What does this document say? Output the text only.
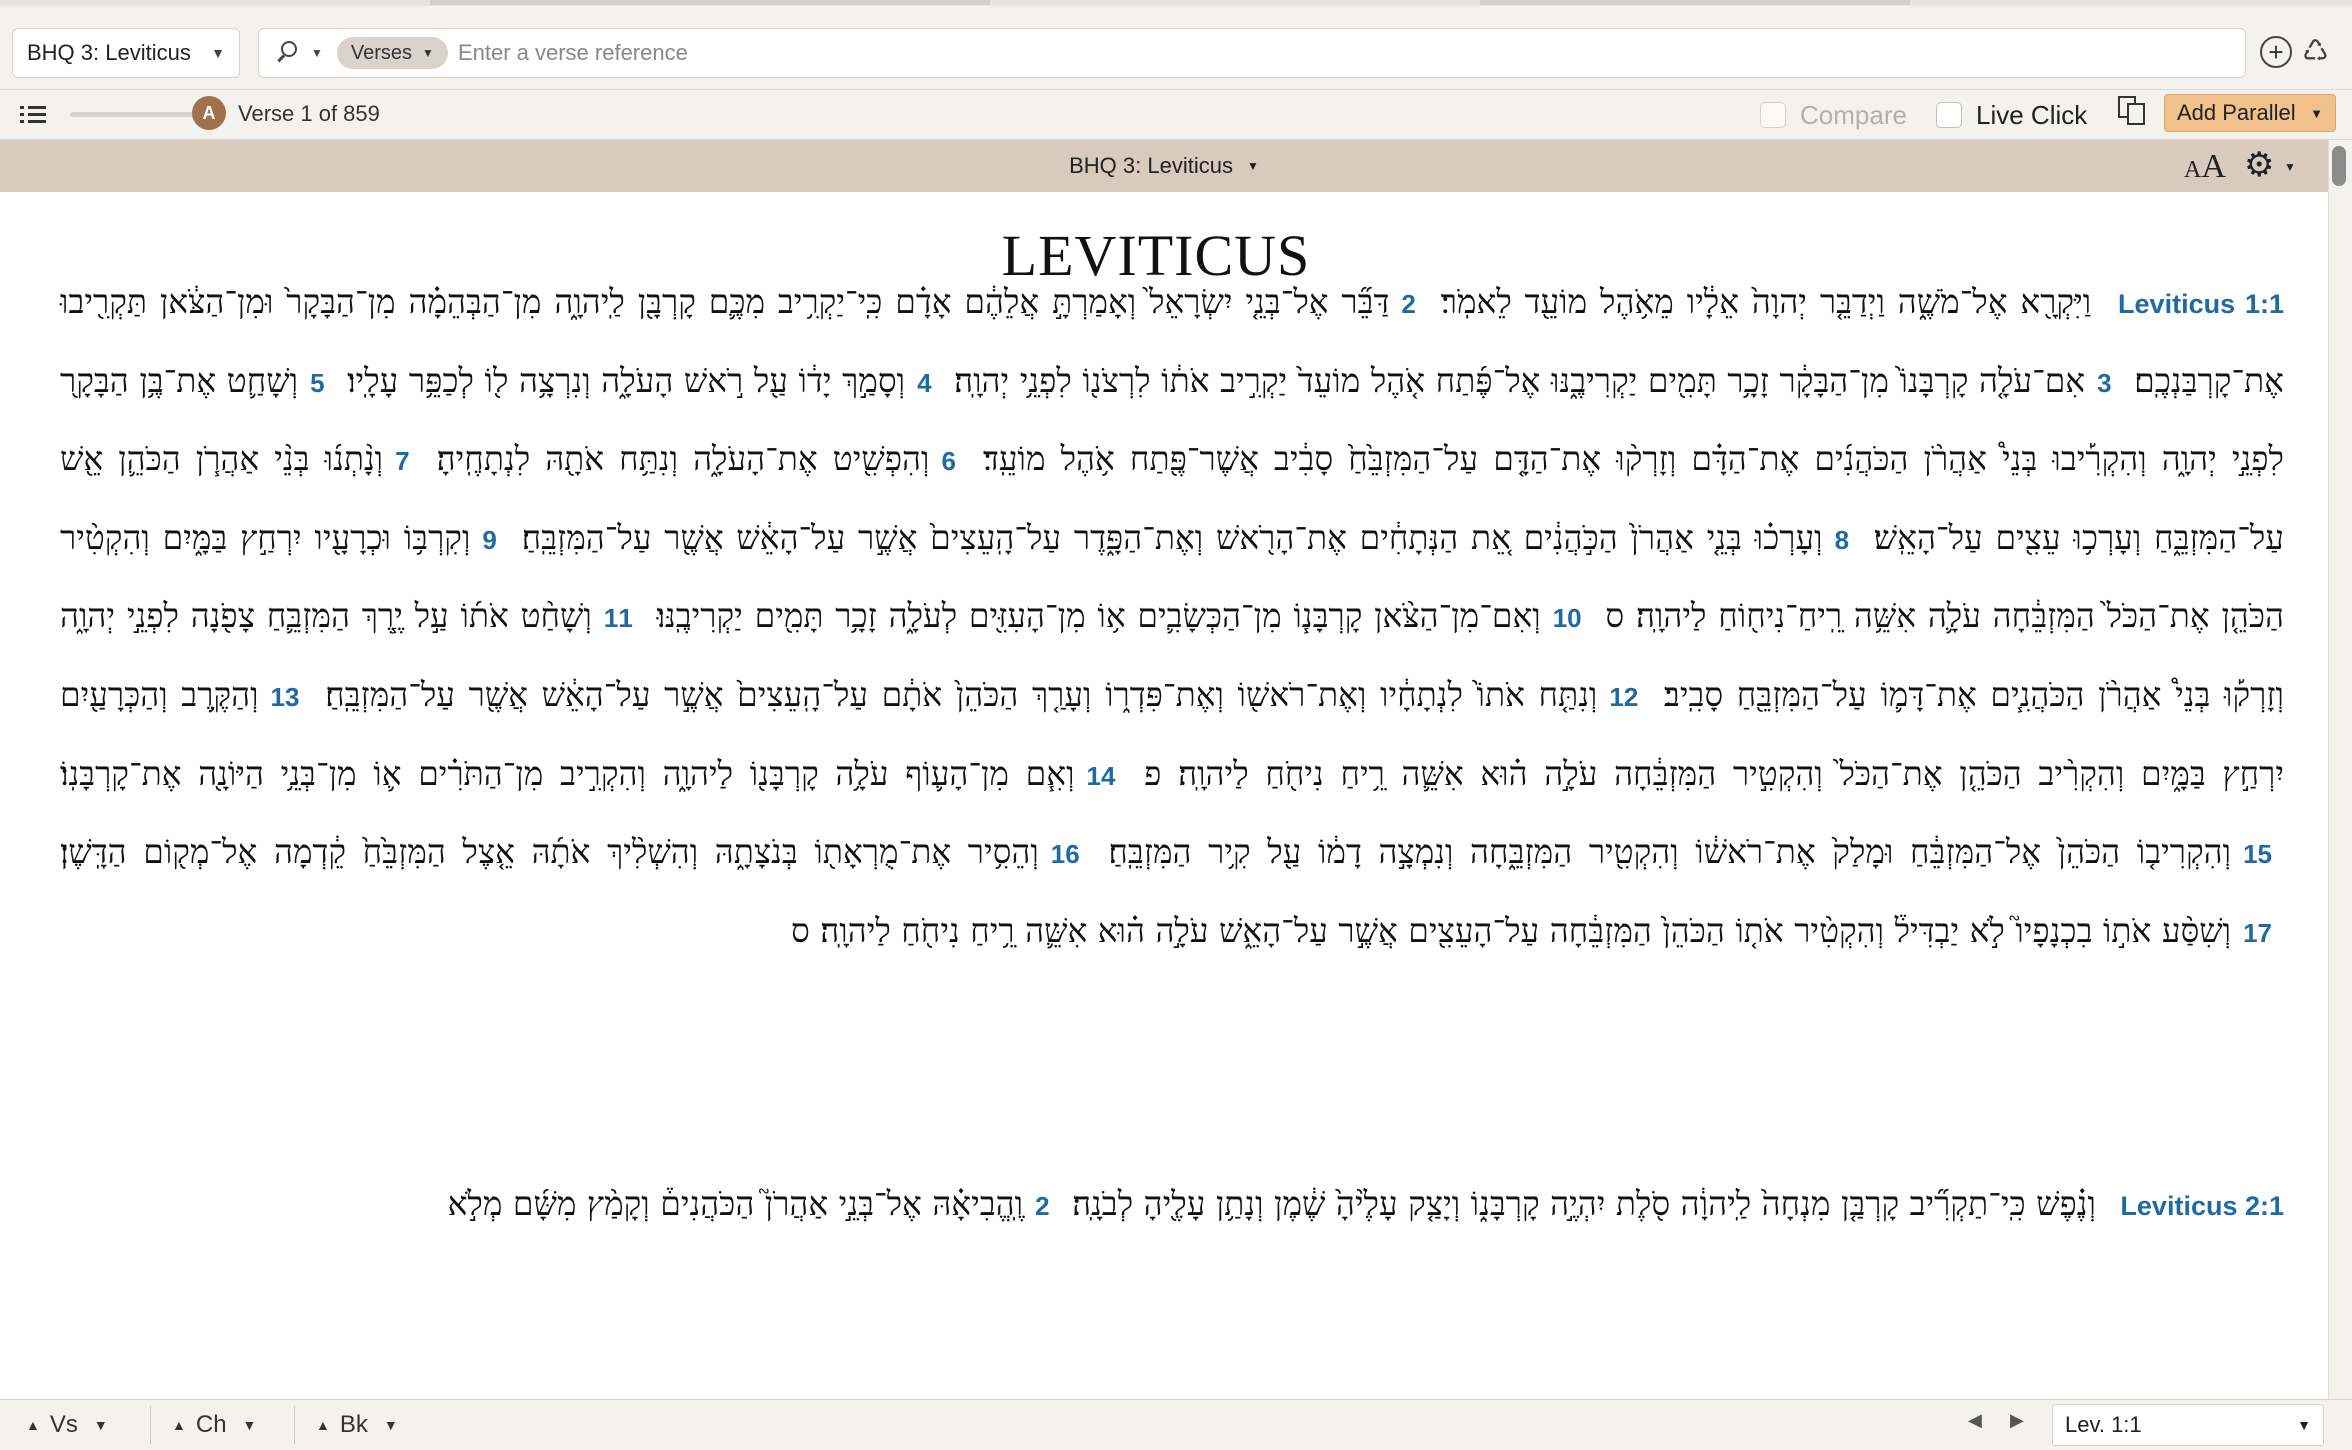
BHQ 3: Leviticus ▼	▼ Verses ▼
Enter a verse reference	+ ♺
A	Verse 1 of 859	Compare	Live Click	Add Parallel ▼
BHQ 3: Leviticus ▼	AA ⚙ ▼
LEVITICUS
Leviticus 1:1 וַיִּקְרָ֖א אֶל־מֹשֶׁ֑ה וַיְדַבֵּ֤ר יְהוָה֙ אֵלָ֔יו מֵאֹ֥הֶל מוֹעֵ֖ד לֵאמֹֽר׃ 2דַּבֵּ֞ר אֶל־בְּנֵ֤י יִשְׂרָאֵל֙ וְאָמַרְתָּ֣ אֲלֵהֶ֔ם אָדָ֗ם כִּֽי־יַקְרִ֥יב מִכֶּ֛ם קָרְבָּ֖ן לַֽיהוָ֑ה מִן־הַבְּהֵמָ֗ה מִן־הַבָּקָר֙ וּמִן־הַצֹּ֔אן תַּקְרִ֖יבוּ אֶת־קָרְבַּנְכֶֽם׃ 3אִם־עֹלָ֤ה קָרְבָּנוֹ֙ מִן־הַבָּקָ֔ר זָכָ֥ר תָּמִ֖ים יַקְרִיבֶ֑נּוּ אֶל־פֶּ֜תַח אֹ֤הֶל מוֹעֵד֙ יַקְרִ֣יב אֹת֔וֹ לִרְצֹנ֖וֹ לִפְנֵ֥י יְהוָֽה׃ 4וְסָמַ֣ךְ יָד֔וֹ עַ֖ל רֹ֣אשׁ הָעֹלָ֑ה וְנִרְצָ֥ה ל֖וֹ לְכַפֵּ֥ר עָלָֽיו׃ 5וְשָׁחַ֛ט אֶת־בֶּ֥ן הַבָּקָ֖ר לִפְנֵ֣י יְהוָ֑ה וְהִקְרִ֡יבוּ בְּנֵי֩ אַהֲרֹ֨ן הַכֹּהֲנִ֜ים אֶת־הַדָּ֗ם וְזָרְק֨וּ אֶת־הַדָּ֤ם עַל־הַמִּזְבֵּ֙חַ֙ סָבִ֔יב אֲשֶׁר־פֶּ֖תַח אֹ֥הֶל מוֹעֵֽד׃ 6וְהִפְשִׁ֖יט אֶת־הָעֹלָ֑ה וְנִתַּ֥ח אֹתָ֖הּ לִנְתָחֶֽיהָ׃ 7וְנָ֨תְנ֜וּ בְּנֵ֨י אַהֲרֹ֧ן הַכֹּהֵ֛ן אֵ֖שׁ עַל־הַמִּזְבֵּ֑חַ וְעָרְכ֥וּ עֵצִ֖ים עַל־הָאֵֽשׁ׃ 8וְעָרְכ֗וּ בְּנֵ֤י אַהֲרֹן֙ הַכֹּ֣הֲנִ֔ים אֵ֚ת הַנְּתָחִ֔ים אֶת־הָרֹ֖אשׁ וְאֶת־הַפָּ֑דֶר עַל־הָֽעֵצִים֙ אֲשֶׁ֣ר עַל־הָאֵ֔שׁ אֲשֶׁ֖ר עַל־הַמִּזְבֵּֽחַ׃ 9וְקִרְבּ֥וֹ וּכְרָעָ֖יו יִרְחַ֣ץ בַּמָּ֑יִם וְהִקְטִ֨יר הַכֹּהֵ֤ן אֶת־הַכֹּל֙ הַמִּזְבֵּ֔חָה עֹלָ֛ה אִשֵּׁ֥ה רֵֽיחַ־נִיח֖וֹחַ לַיהוָֽה׃ ס 10וְאִם־מִן־הַצֹּ֨אן קָרְבָּנ֧וֹ מִן־הַכְּשָׂבִ֛ים א֥וֹ מִן־הָעִזִּ֖ים לְעֹלָ֑ה זָכָ֥ר תָּמִ֖ים יַקְרִיבֶֽנּוּ׃ 11וְשָׁחַ֨ט אֹת֜וֹ עַ֣ל יֶ֧רֶךְ הַמִּזְבֵּ֛חַ צָפֹ֖נָה לִפְנֵ֣י יְהוָ֑ה וְזָרְק֡וּ בְּנֵי֩ אַהֲרֹ֨ן הַכֹּהֲנִ֧ים אֶת־דָּמ֛וֹ עַל־הַמִּזְבֵּ֖חַ סָבִֽיב׃ 12וְנִתַּ֤ח אֹתוֹ֙ לִנְתָחָ֔יו וְאֶת־רֹאשׁ֖וֹ וְאֶת־פִּדְר֑וֹ וְעָרַ֤ךְ הַכֹּהֵן֙ אֹתָ֔ם עַל־הָֽעֵצִים֙ אֲשֶׁ֣ר עַל־הָאֵ֔שׁ אֲשֶׁ֖ר עַל־הַמִּזְבֵּֽחַ׃ 13וְהַקֶּ֥רֶב וְהַכְּרָעַ֖יִם יִרְחַ֣ץ בַּמָּ֑יִם וְהִקְרִ֨יב הַכֹּהֵ֤ן אֶת־הַכֹּל֙ וְהִקְטִ֣יר הַמִּזְבֵּ֔חָה עֹלָ֣ה ה֗וּא אִשֵּׁ֛ה רֵ֥יחַ נִיחֹ֖חַ לַיהוָֽה׃ פ 14וְאִ֧ם מִן־הָע֛וֹף עֹלָ֥ה קָרְבָּנ֖וֹ לַיהוָ֑ה וְהִקְרִ֣יב מִן־הַתֹּרִ֗ים א֛וֹ מִן־בְּנֵ֥י הַיּוֹנָ֖ה אֶת־קָרְבָּנֽוֹ׃ 15וְהִקְרִיב֤וֹ הַכֹּהֵן֙ אֶל־הַמִּזְבֵּ֔חַ וּמָלַק֙ אֶת־רֹאשׁ֔וֹ וְהִקְטִ֖יר הַמִּזְבֵּ֑חָה וְנִמְצָ֣ה דָמ֔וֹ עַ֖ל קִ֥יר הַמִּזְבֵּֽחַ׃ 16וְהֵסִ֥יר אֶת־מֻרְאָת֖וֹ בְּנֹצָתָ֑הּ וְהִשְׁלִ֨יךְ אֹתָ֜הּ אֵ֤צֶל הַמִּזְבֵּ֙חַ֙ קֵ֔דְמָה אֶל־מְק֖וֹם הַדָּֽשֶׁן׃ 17וְשִׁסַּ֨ע אֹת֣וֹ בִכְנָפָיו֮ לֹ֣א יַבְדִּיל֒ וְהִקְטִ֨יר אֹת֤וֹ הַכֹּהֵן֙ הַמִּזְבֵּ֔חָה עַל־הָעֵצִ֖ים אֲשֶׁ֣ר עַל־הָאֵ֑שׁ עֹלָ֣ה ה֗וּא אִשֵּׁ֛ה רֵ֥יחַ נִיחֹ֖חַ לַיהוָֽה׃ ס
Leviticus 2:1 וְנֶ֗פֶשׁ כִּֽי־תַקְרִ֞יב קָרְבַּ֤ן מִנְחָה֙ לַֽיהוָ֔ה סֹ֖לֶת יִהְיֶ֣ה קָרְבָּנ֑וֹ וְיָצַ֤ק עָלֶ֙יהָ֙ שֶׁ֔מֶן וְנָתַ֥ן עָלֶ֖יהָ לְבֹנָֽה׃ 2וֶֽהֱבִיאָ֗הּ אֶל־בְּנֵ֣י אַהֲרֹן֮ הַכֹּהֲנִים֒ וְקָמַ֨ץ מִשָּׁ֜ם מְלֹ֣א
▲ Vs ▼	▲ Ch ▼	▲ Bk ▼	◀ ▶ Lev. 1:1	▼
